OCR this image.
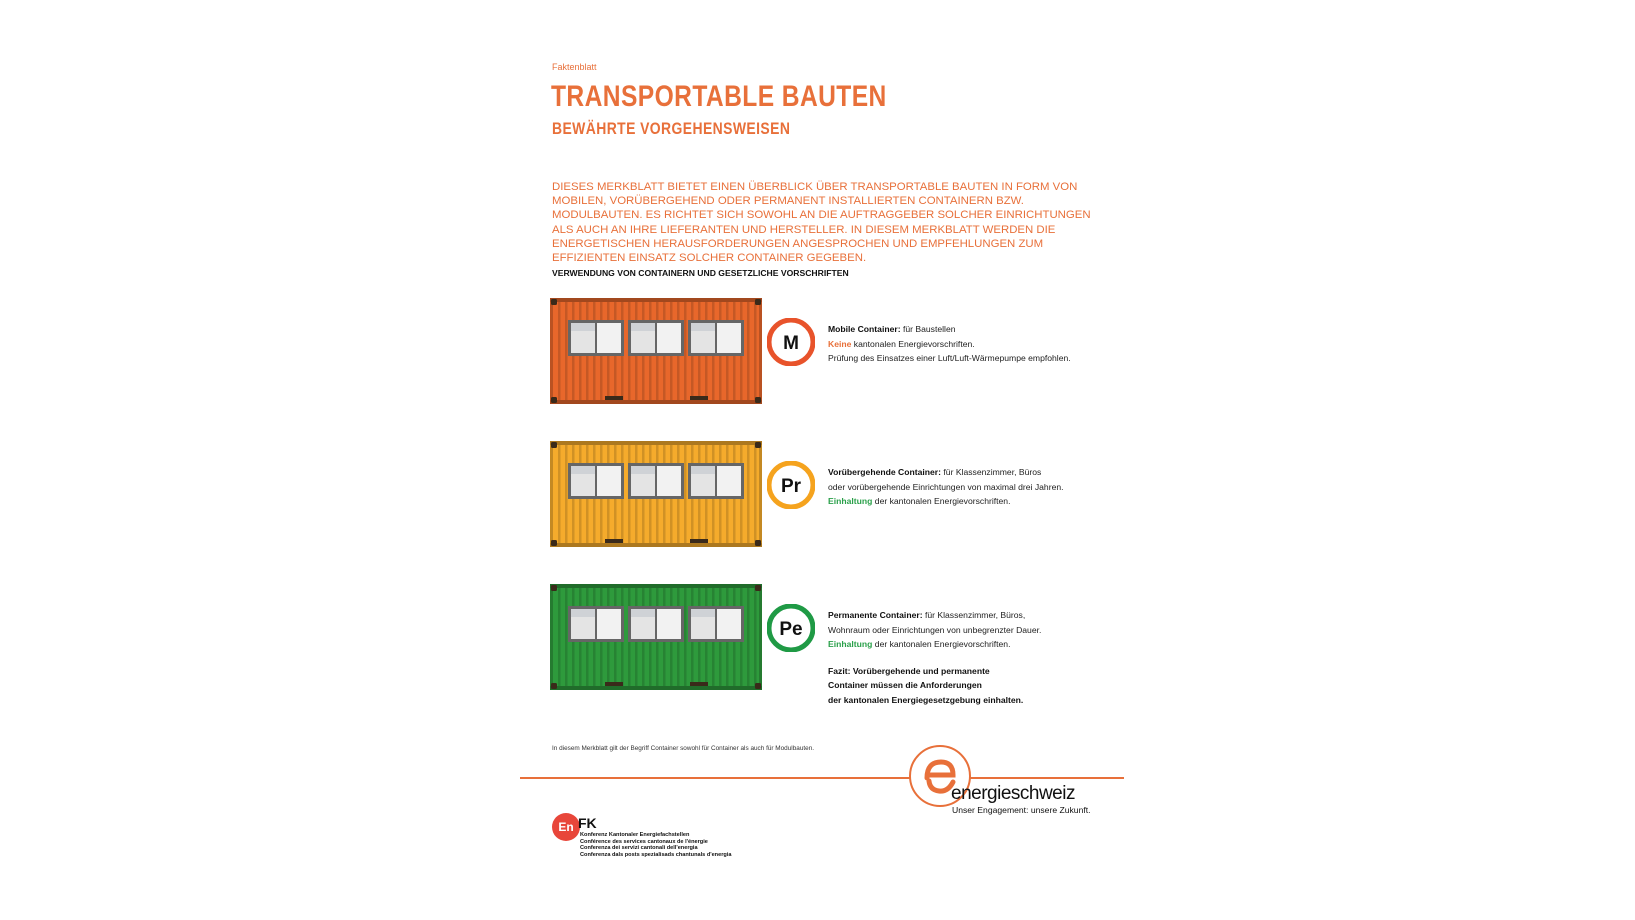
Faktenblatt
TRANSPORTABLE BAUTEN
BEWÄHRTE VORGEHENSWEISEN
DIESES MERKBLATT BIETET EINEN ÜBERBLICK ÜBER TRANSPORTABLE BAUTEN IN FORM VON MOBILEN, VORÜBERGEHEND ODER PERMANENT INSTALLIERTEN CONTAINERN BZW. MODULBAUTEN. ES RICHTET SICH SOWOHL AN DIE AUFTRAGGEBER SOLCHER EINRICHTUNGEN ALS AUCH AN IHRE LIEFERANTEN UND HERSTELLER. IN DIESEM MERKBLATT WERDEN DIE ENERGETISCHEN HERAUSFORDERUNGEN ANGESPROCHEN UND EMPFEHLUNGEN ZUM EFFIZIENTEN EINSATZ SOLCHER CONTAINER GEGEBEN.
VERWENDUNG VON CONTAINERN UND GESETZLICHE VORSCHRIFTEN
M
Mobile Container: für Baustellen
Keine kantonalen Energievorschriften.
Prüfung des Einsatzes einer Luft/Luft-Wärmepumpe empfohlen.
Pr
Vorübergehende Container: für Klassenzimmer, Büros
oder vorübergehende Einrichtungen von maximal drei Jahren.
Einhaltung der kantonalen Energievorschriften.
Pe
Permanente Container: für Klassenzimmer, Büros,
Wohnraum oder Einrichtungen von unbegrenzter Dauer.
Einhaltung der kantonalen Energievorschriften.
Fazit: Vorübergehende und permanente
Container müssen die Anforderungen
der kantonalen Energiegesetzgebung einhalten.
In diesem Merkblatt gilt der Begriff Container sowohl für Container als auch für Modulbauten.
energieschweiz
Unser Engagement: unsere Zukunft.
En FK
Konferenz Kantonaler Energiefachstellen
Conférence des services cantonaux de l'énergie
Conferenza dei servizi cantonali dell'energia
Conferenza dals posts spezialisads chantunals d'energia
